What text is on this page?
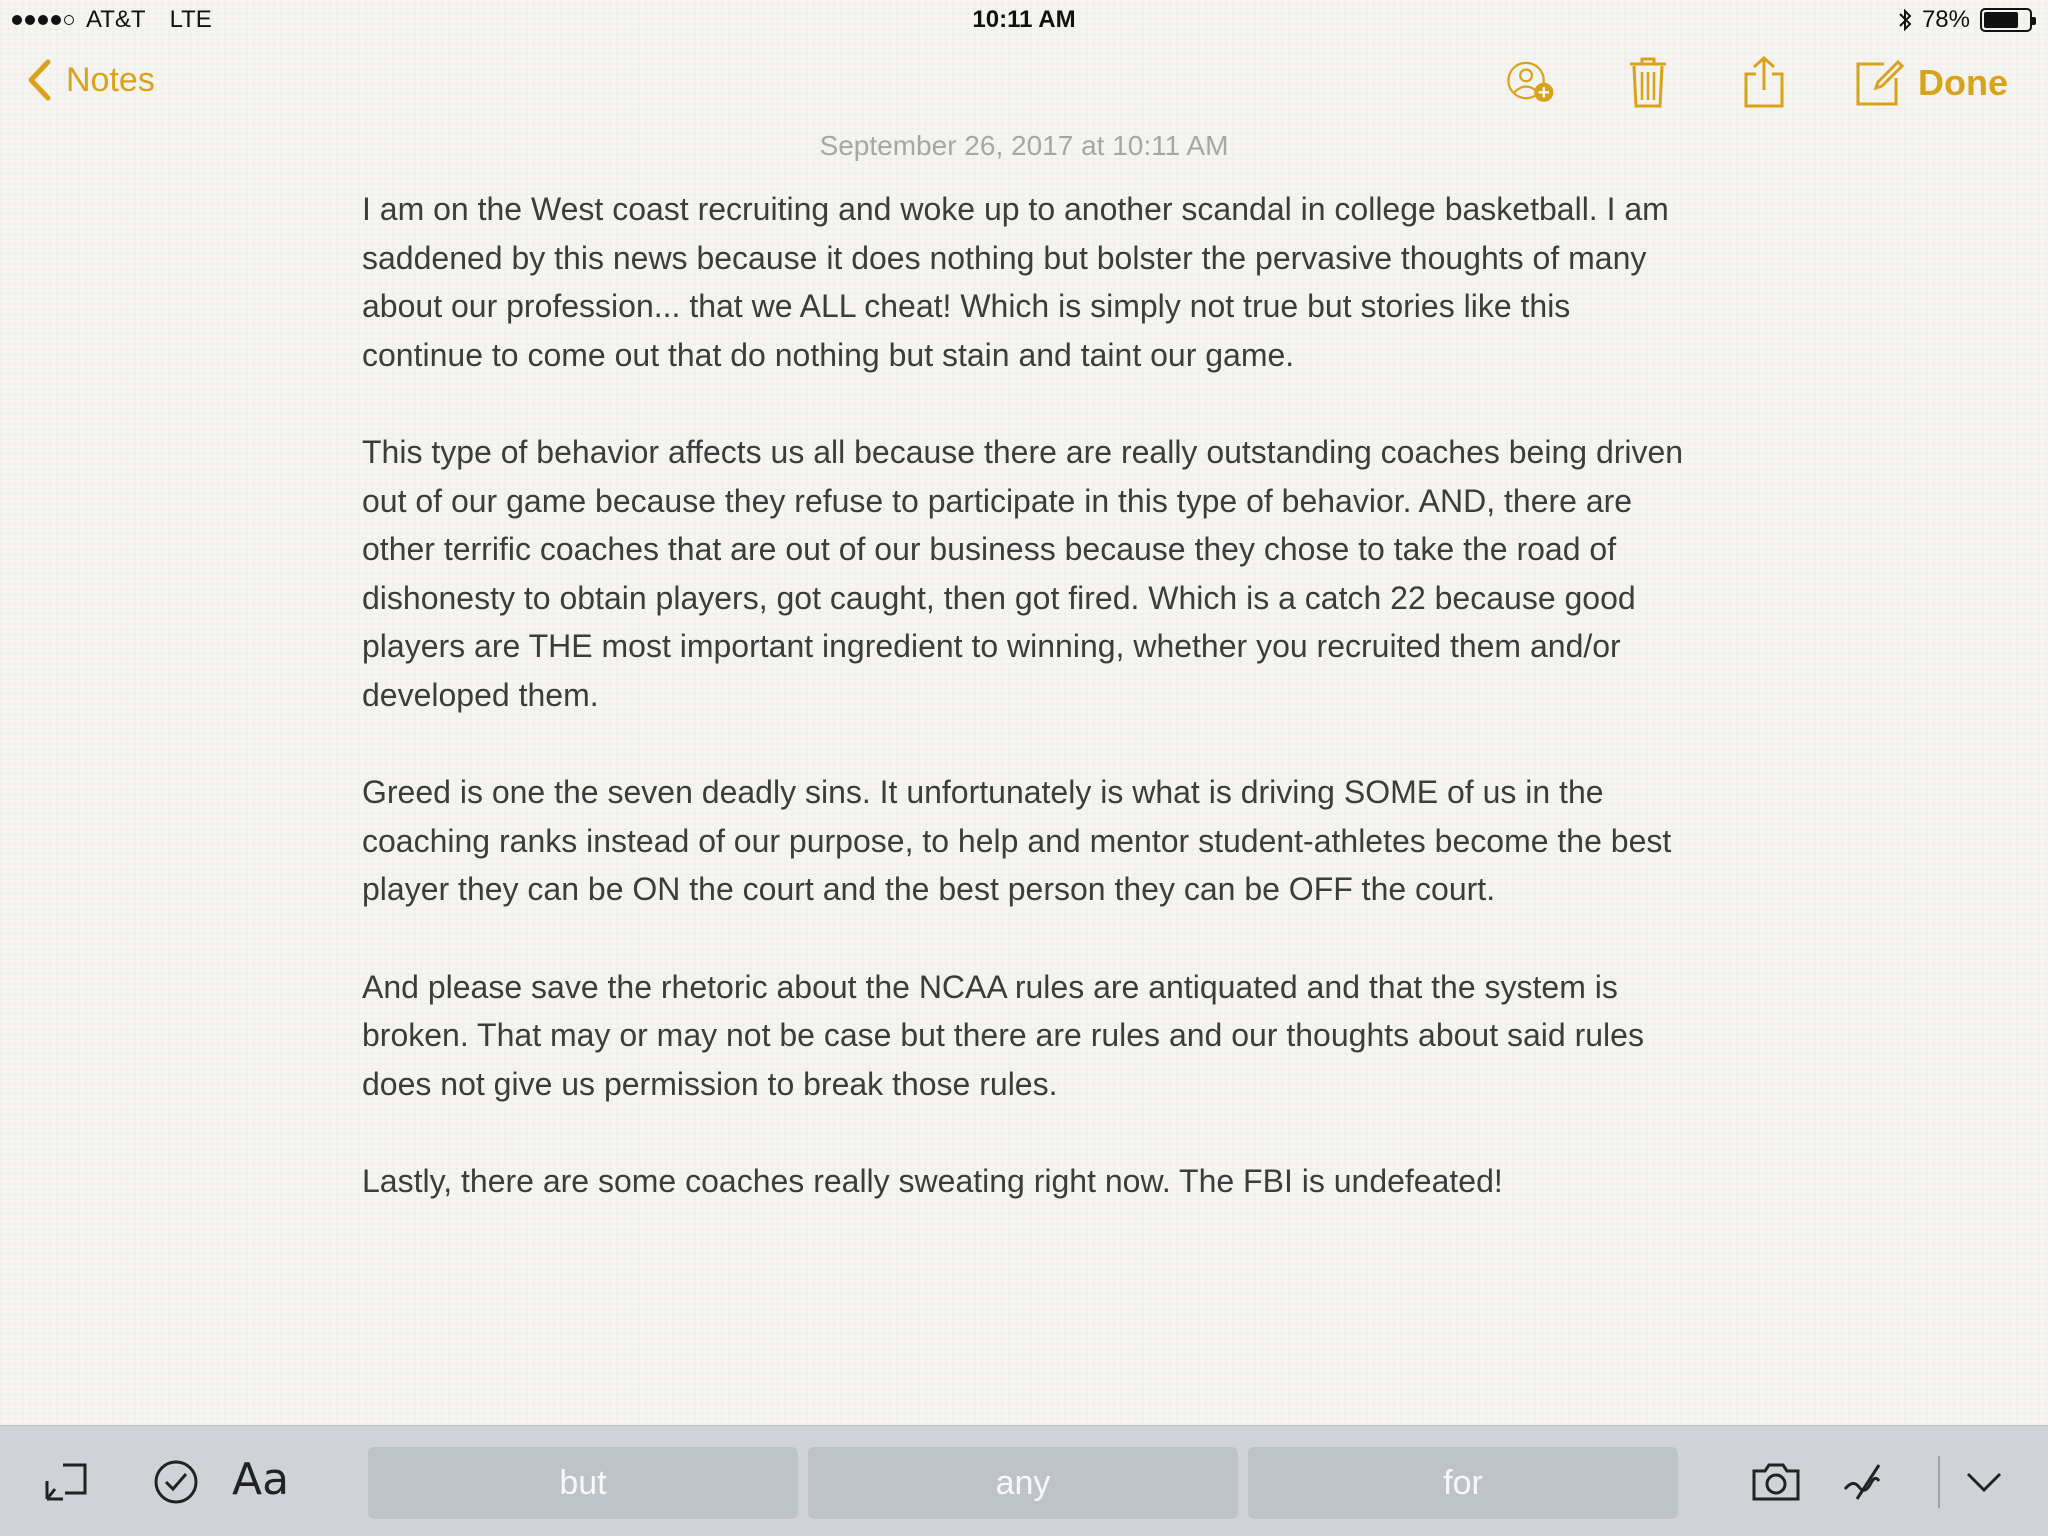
AT&T LTE	10:11 AM	78%
Notes	Done
September 26, 2017 at 10:11 AM

I am on the West coast recruiting and woke up to another scandal in college basketball. I am saddened by this news because it does nothing but bolster the pervasive thoughts of many about our profession... that we ALL cheat! Which is simply not true but stories like this continue to come out that do nothing but stain and taint our game.

This type of behavior affects us all because there are really outstanding coaches being driven out of our game because they refuse to participate in this type of behavior. AND, there are other terrific coaches that are out of our business because they chose to take the road of dishonesty to obtain players, got caught, then got fired. Which is a catch 22 because good players are THE most important ingredient to winning, whether you recruited them and/or developed them.

Greed is one the seven deadly sins. It unfortunately is what is driving SOME of us in the coaching ranks instead of our purpose, to help and mentor student-athletes become the best player they can be ON the court and the best person they can be OFF the court.

And please save the rhetoric about the NCAA rules are antiquated and that the system is broken. That may or may not be case but there are rules and our thoughts about said rules does not give us permission to break those rules.

Lastly, there are some coaches really sweating right now. The FBI is undefeated!

Aa	but	any	for
